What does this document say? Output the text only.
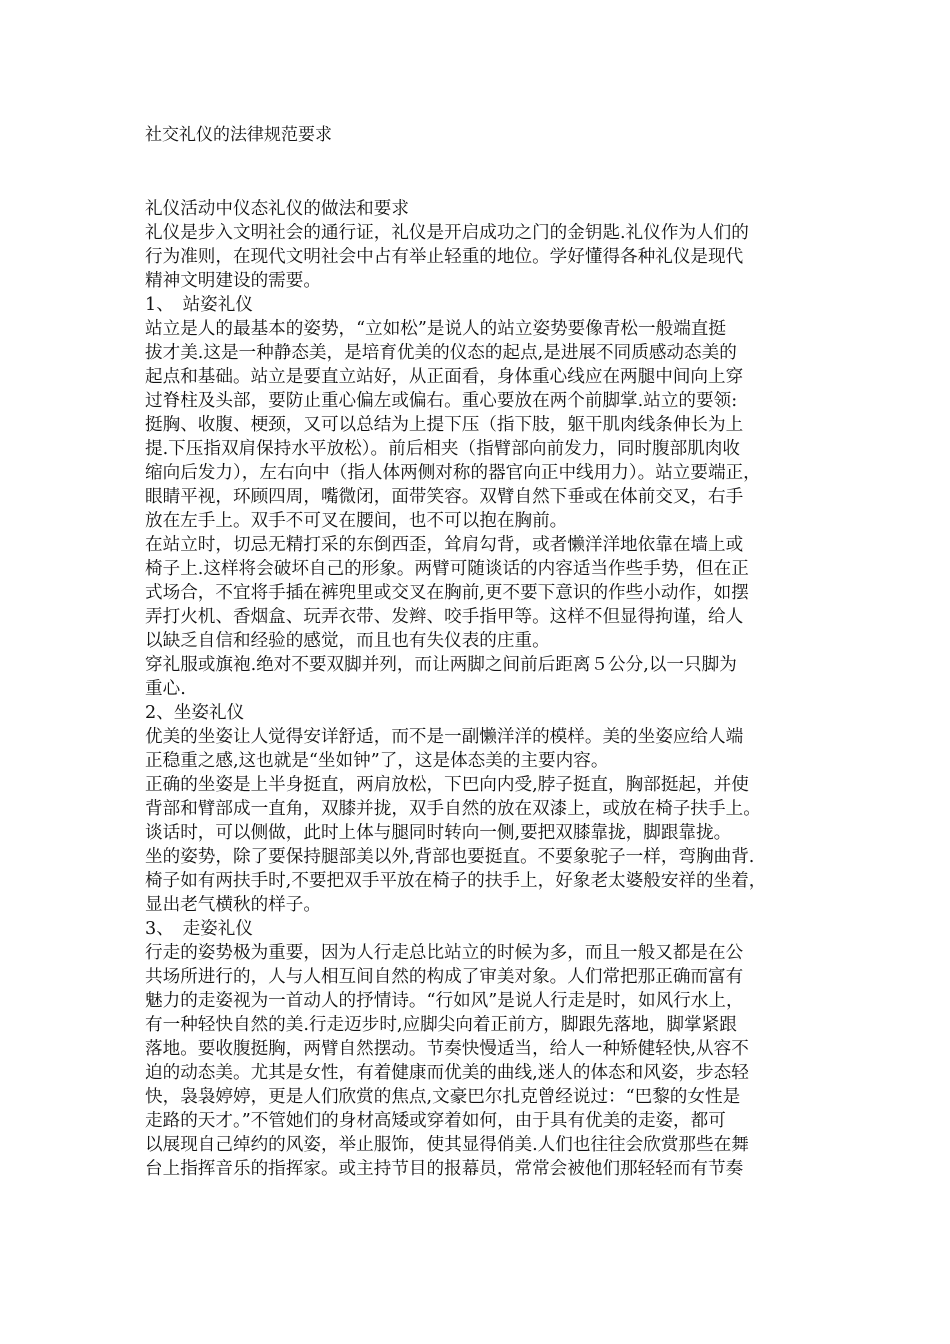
社交礼仪的法律规范要求
礼仪活动中仪态礼仪的做法和要求
礼仪是步入文明社会的通行证，礼仪是开启成功之门的金钥匙.礼仪作为人们的
行为准则，在现代文明社会中占有举止轻重的地位。学好懂得各种礼仪是现代
精神文明建设的需要。
1、　站姿礼仪
站立是人的最基本的姿势，“立如松”是说人的站立姿势要像青松一般端直挺
拔才美.这是一种静态美，是培育优美的仪态的起点,是进展不同质感动态美的
起点和基础。站立是要直立站好，从正面看，身体重心线应在两腿中间向上穿
过脊柱及头部，要防止重心偏左或偏右。重心要放在两个前脚掌.站立的要领:
挺胸、收腹、梗颈，又可以总结为上提下压（指下肢，躯干肌肉线条伸长为上
提.下压指双肩保持水平放松）。前后相夹（指臂部向前发力，同时腹部肌肉收
缩向后发力），左右向中（指人体两侧对称的器官向正中线用力）。站立要端正，
眼睛平视，环顾四周，嘴微闭，面带笑容。双臂自然下垂或在体前交叉，右手
放在左手上。双手不可叉在腰间，也不可以抱在胸前。
在站立时，切忌无精打采的东倒西歪，耸肩勾背，或者懒洋洋地依靠在墙上或
椅子上.这样将会破坏自己的形象。两臂可随谈话的内容适当作些手势，但在正
式场合，不宜将手插在裤兜里或交叉在胸前,更不要下意识的作些小动作，如摆
弄打火机、香烟盒、玩弄衣带、发辫、咬手指甲等。这样不但显得拘谨，给人
以缺乏自信和经验的感觉，而且也有失仪表的庄重。
穿礼服或旗袍.绝对不要双脚并列，而让两脚之间前后距离５公分,以一只脚为
重心.
2、坐姿礼仪
优美的坐姿让人觉得安详舒适，而不是一副懒洋洋的模样。美的坐姿应给人端
正稳重之感,这也就是“坐如钟”了，这是体态美的主要内容。
正确的坐姿是上半身挺直，两肩放松，下巴向内受,脖子挺直，胸部挺起，并使
背部和臂部成一直角，双膝并拢，双手自然的放在双漆上，或放在椅子扶手上。
谈话时，可以侧做，此时上体与腿同时转向一侧,要把双膝靠拢，脚跟靠拢。
坐的姿势，除了要保持腿部美以外,背部也要挺直。不要象驼子一样，弯胸曲背.
椅子如有两扶手时,不要把双手平放在椅子的扶手上，好象老太婆般安祥的坐着，
显出老气横秋的样子。
3、　走姿礼仪
行走的姿势极为重要，因为人行走总比站立的时候为多，而且一般又都是在公
共场所进行的，人与人相互间自然的构成了审美对象。人们常把那正确而富有
魅力的走姿视为一首动人的抒情诗。“行如风”是说人行走是时，如风行水上，
有一种轻快自然的美.行走迈步时,应脚尖向着正前方，脚跟先落地，脚掌紧跟
落地。要收腹挺胸，两臂自然摆动。节奏快慢适当，给人一种矫健轻快,从容不
迫的动态美。尤其是女性，有着健康而优美的曲线,迷人的体态和风姿，步态轻
快，袅袅婷婷，更是人们欣赏的焦点,文豪巴尔扎克曾经说过：“巴黎的女性是
走路的天才。”不管她们的身材高矮或穿着如何，由于具有优美的走姿，都可
以展现自己绰约的风姿，举止服饰，使其显得俏美.人们也往往会欣赏那些在舞
台上指挥音乐的指挥家。或主持节目的报幕员，常常会被他们那轻轻而有节奏
